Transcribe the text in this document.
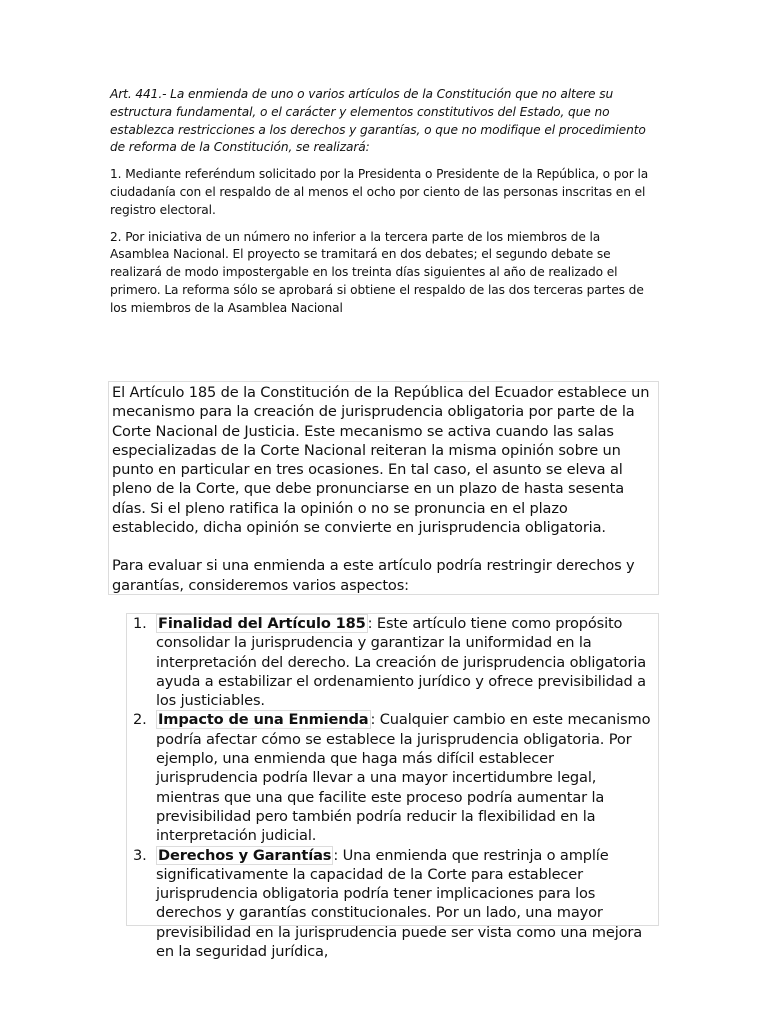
Art. 441.- La enmienda de uno o varios artículos de la Constitución que no altere su estructura fundamental, o el carácter y elementos constitutivos del Estado, que no establezca restricciones a los derechos y garantías, o que no modifique el procedimiento de reforma de la Constitución, se realizará:

1. Mediante referéndum solicitado por la Presidenta o Presidente de la República, o por la ciudadanía con el respaldo de al menos el ocho por ciento de las personas inscritas en el registro electoral.

2. Por iniciativa de un número no inferior a la tercera parte de los miembros de la Asamblea Nacional. El proyecto se tramitará en dos debates; el segundo debate se realizará de modo impostergable en los treinta días siguientes al año de realizado el primero. La reforma sólo se aprobará si obtiene el respaldo de las dos terceras partes de los miembros de la Asamblea Nacional

El Artículo 185 de la Constitución de la República del Ecuador establece un mecanismo para la creación de jurisprudencia obligatoria por parte de la Corte Nacional de Justicia. Este mecanismo se activa cuando las salas especializadas de la Corte Nacional reiteran la misma opinión sobre un punto en particular en tres ocasiones. En tal caso, el asunto se eleva al pleno de la Corte, que debe pronunciarse en un plazo de hasta sesenta días. Si el pleno ratifica la opinión o no se pronuncia en el plazo establecido, dicha opinión se convierte en jurisprudencia obligatoria.

Para evaluar si una enmienda a este artículo podría restringir derechos y garantías, consideremos varios aspectos:

1. Finalidad del Artículo 185 : Este artículo tiene como propósito consolidar la jurisprudencia y garantizar la uniformidad en la interpretación del derecho. La creación de jurisprudencia obligatoria ayuda a estabilizar el ordenamiento jurídico y ofrece previsibilidad a los justiciables.
2. Impacto de una Enmienda : Cualquier cambio en este mecanismo podría afectar cómo se establece la jurisprudencia obligatoria. Por ejemplo, una enmienda que haga más difícil establecer jurisprudencia podría llevar a una mayor incertidumbre legal, mientras que una que facilite este proceso podría aumentar la previsibilidad pero también podría reducir la flexibilidad en la interpretación judicial.
3. Derechos y Garantías : Una enmienda que restrinja o amplíe significativamente la capacidad de la Corte para establecer jurisprudencia obligatoria podría tener implicaciones para los derechos y garantías constitucionales. Por un lado, una mayor previsibilidad en la jurisprudencia puede ser vista como una mejora en la seguridad jurídica,
